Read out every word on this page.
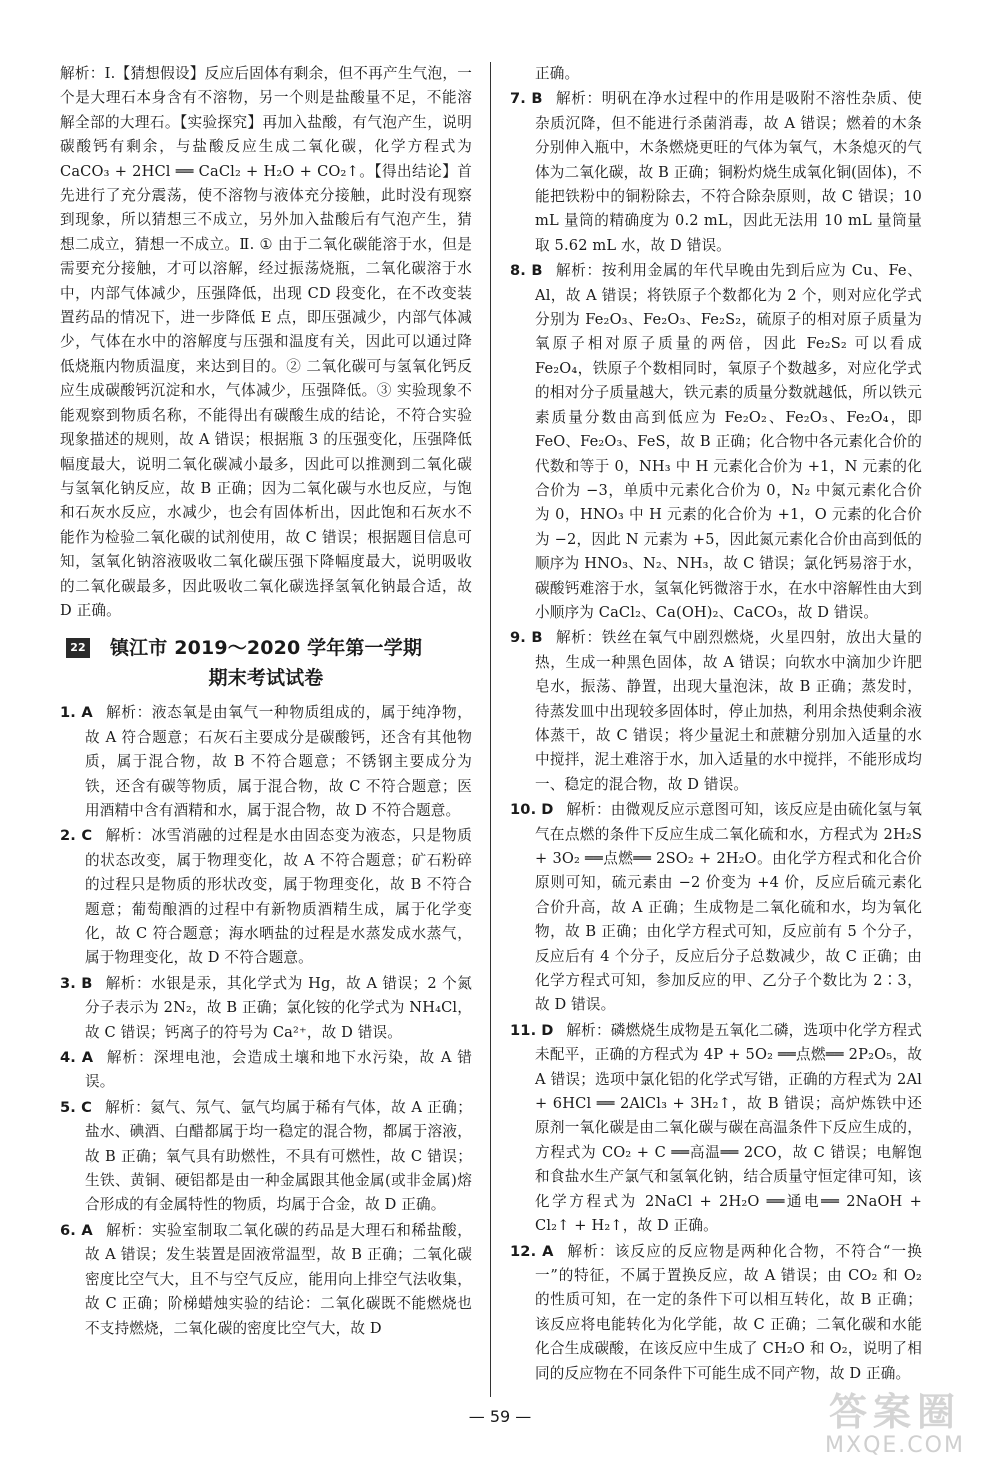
解析：Ⅰ.【猜想假设】反应后固体有剩余，但不再产生气泡，一个是大理石本身含有不溶物，另一个则是盐酸量不足，不能溶解全部的大理石。【实验探究】再加入盐酸，有气泡产生，说明碳酸钙有剩余，与盐酸反应生成二氧化碳，化学方程式为 CaCO₃ + 2HCl ══ CaCl₂ + H₂O + CO₂↑。【得出结论】首先进行了充分震荡，使不溶物与液体充分接触，此时没有现察到现象，所以猜想三不成立，另外加入盐酸后有气泡产生，猜想二成立，猜想一不成立。Ⅱ. ① 由于二氧化碳能溶于水，但是需要充分接触，才可以溶解，经过振荡烧瓶，二氧化碳溶于水中，内部气体减少，压强降低，出现 CD 段变化，在不改变装置药品的情况下，进一步降低 E 点，即压强减少，内部气体减少，气体在水中的溶解度与压强和温度有关，因此可以通过降低烧瓶内物质温度，来达到目的。② 二氧化碳可与氢氧化钙反应生成碳酸钙沉淀和水，气体减少，压强降低。③ 实验现象不能观察到物质名称，不能得出有碳酸生成的结论，不符合实验现象描述的规则，故 A 错误；根据瓶 3 的压强变化，压强降低幅度最大，说明二氧化碳减小最多，因此可以推测到二氧化碳与氢氧化钠反应，故 B 正确；因为二氧化碳与水也反应，与饱和石灰水反应，水减少，也会有固体析出，因此饱和石灰水不能作为检验二氧化碳的试剂使用，故 C 错误；根据题目信息可知，氢氧化钠溶液吸收二氧化碳压强下降幅度最大，说明吸收的二氧化碳最多，因此吸收二氧化碳选择氢氧化钠最合适，故 D 正确。

22	镇江市 2019～2020 学年第一学期
期末考试试卷

1. A 解析：液态氧是由氧气一种物质组成的，属于纯净物，故 A 符合题意；石灰石主要成分是碳酸钙，还含有其他物质，属于混合物，故 B 不符合题意；不锈钢主要成分为铁，还含有碳等物质，属于混合物，故 C 不符合题意；医用酒精中含有酒精和水，属于混合物，故 D 不符合题意。

2. C 解析：冰雪消融的过程是水由固态变为液态，只是物质的状态改变，属于物理变化，故 A 不符合题意；矿石粉碎的过程只是物质的形状改变，属于物理变化，故 B 不符合题意；葡萄酿酒的过程中有新物质酒精生成，属于化学变化，故 C 符合题意；海水晒盐的过程是水蒸发成水蒸气，属于物理变化，故 D 不符合题意。

3. B 解析：水银是汞，其化学式为 Hg，故 A 错误；2 个氮分子表示为 2N₂，故 B 正确；氯化铵的化学式为 NH₄Cl，故 C 错误；钙离子的符号为 Ca²⁺，故 D 错误。

4. A 解析：深埋电池，会造成土壤和地下水污染，故 A 错误。

5. C 解析：氦气、氖气、氩气均属于稀有气体，故 A 正确；盐水、碘酒、白醋都属于均一稳定的混合物，都属于溶液，故 B 正确；氧气具有助燃性，不具有可燃性，故 C 错误；生铁、黄铜、硬铝都是由一种金属跟其他金属(或非金属)熔合形成的有金属特性的物质，均属于合金，故 D 正确。

6. A 解析：实验室制取二氧化碳的药品是大理石和稀盐酸，故 A 错误；发生装置是固液常温型，故 B 正确；二氧化碳密度比空气大，且不与空气反应，能用向上排空气法收集，故 C 正确；阶梯蜡烛实验的结论：二氧化碳既不能燃烧也不支持燃烧，二氧化碳的密度比空气大，故 D

正确。

7. B 解析：明矾在净水过程中的作用是吸附不溶性杂质、使杂质沉降，但不能进行杀菌消毒，故 A 错误；燃着的木条分别伸入瓶中，木条燃烧更旺的气体为氧气，木条熄灭的气体为二氧化碳，故 B 正确；铜粉灼烧生成氧化铜(固体)，不能把铁粉中的铜粉除去，不符合除杂原则，故 C 错误；10 mL 量筒的精确度为 0.2 mL，因此无法用 10 mL 量筒量取 5.62 mL 水，故 D 错误。

8. B 解析：按利用金属的年代早晚由先到后应为 Cu、Fe、Al，故 A 错误；将铁原子个数都化为 2 个，则对应化学式分别为 Fe₂O₃、Fe₂O₃、Fe₂S₂，硫原子的相对原子质量为氧原子相对原子质量的两倍，因此 Fe₂S₂ 可以看成 Fe₂O₄，铁原子个数相同时，氧原子个数越多，对应化学式的相对分子质量越大，铁元素的质量分数就越低，所以铁元素质量分数由高到低应为 Fe₂O₂、Fe₂O₃、Fe₂O₄，即 FeO、Fe₂O₃、FeS，故 B 正确；化合物中各元素化合价的代数和等于 0，NH₃ 中 H 元素化合价为 +1，N 元素的化合价为 −3，单质中元素化合价为 0，N₂ 中氮元素化合价为 0，HNO₃ 中 H 元素的化合价为 +1，O 元素的化合价为 −2，因此 N 元素为 +5，因此氮元素化合价由高到低的顺序为 HNO₃、N₂、NH₃，故 C 错误；氯化钙易溶于水，碳酸钙难溶于水，氢氧化钙微溶于水，在水中溶解性由大到小顺序为 CaCl₂、Ca(OH)₂、CaCO₃，故 D 错误。

9. B 解析：铁丝在氧气中剧烈燃烧，火星四射，放出大量的热，生成一种黑色固体，故 A 错误；向软水中滴加少许肥皂水，振荡、静置，出现大量泡沫，故 B 正确；蒸发时，待蒸发皿中出现较多固体时，停止加热，利用余热使剩余液体蒸干，故 C 错误；将少量泥土和蔗糖分别加入适量的水中搅拌，泥土难溶于水，加入适量的水中搅拌，不能形成均一、稳定的混合物，故 D 错误。

10. D 解析：由微观反应示意图可知，该反应是由硫化氢与氧气在点燃的条件下反应生成二氧化硫和水，方程式为 2H₂S + 3O₂ ══点燃══ 2SO₂ + 2H₂O。由化学方程式和化合价原则可知，硫元素由 −2 价变为 +4 价，反应后硫元素化合价升高，故 A 正确；生成物是二氧化硫和水，均为氧化物，故 B 正确；由化学方程式可知，反应前有 5 个分子，反应后有 4 个分子，反应后分子总数减少，故 C 正确；由化学方程式可知，参加反应的甲、乙分子个数比为 2∶3，故 D 错误。

11. D 解析：磷燃烧生成物是五氧化二磷，选项中化学方程式未配平，正确的方程式为 4P + 5O₂ ══点燃══ 2P₂O₅，故 A 错误；选项中氯化铝的化学式写错，正确的方程式为 2Al + 6HCl ══ 2AlCl₃ + 3H₂↑，故 B 错误；高炉炼铁中还原剂一氧化碳是由二氧化碳与碳在高温条件下反应生成的，方程式为 CO₂ + C ══高温══ 2CO，故 C 错误；电解饱和食盐水生产氯气和氢氧化钠，结合质量守恒定律可知，该化学方程式为 2NaCl + 2H₂O ══通电══ 2NaOH + Cl₂↑ + H₂↑，故 D 正确。

12. A 解析：该反应的反应物是两种化合物，不符合“一换一”的特征，不属于置换反应，故 A 错误；由 CO₂ 和 O₂ 的性质可知，在一定的条件下可以相互转化，故 B 正确；该反应将电能转化为化学能，故 C 正确；二氧化碳和水能化合生成碳酸，在该反应中生成了 CH₂O 和 O₂，说明了相同的反应物在不同条件下可能生成不同产物，故 D 正确。

— 59 —	答案圈
MXQE.COM
